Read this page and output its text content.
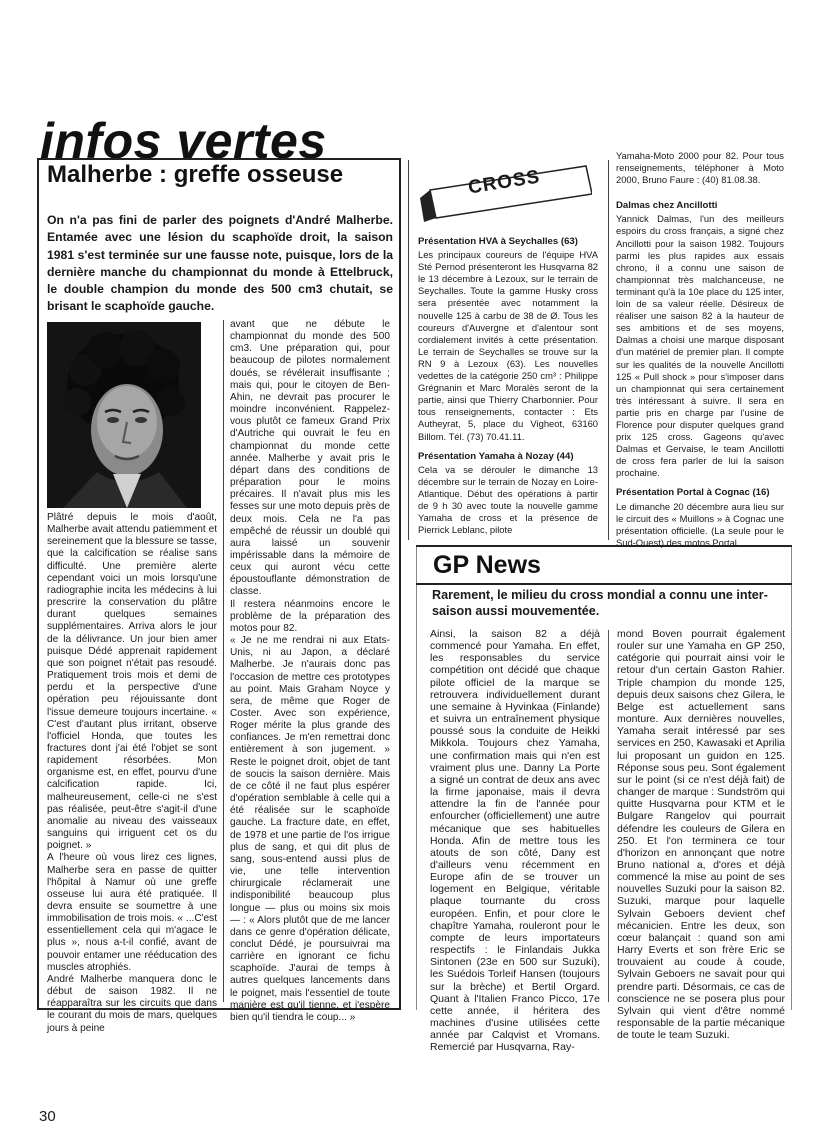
infos vertes
Malherbe : greffe osseuse
On n'a pas fini de parler des poignets d'André Malherbe. Entamée avec une lésion du scaphoïde droit, la saison 1981 s'est terminée sur une fausse note, puisque, lors de la dernière manche du championnat du monde à Ettelbruck, le double champion du monde des 500 cm3 chutait, se brisant le scaphoïde gauche.

Plâtré depuis le mois d'août, Malherbe avait attendu patiemment et sereinement que la blessure se tasse, que la calcification se réalise sans difficulté. Une première alerte cependant voici un mois lorsqu'une radiographie incita les médecins à lui prescrire la conservation du plâtre durant quelques semaines supplémentaires. Arriva alors le jour de la délivrance. Un jour bien amer puisque Dédé apprenait rapidement que son poignet n'était pas resoudé. Pratiquement trois mois et demi de perdu et la perspective d'une opération peu réjouissante dont l'issue demeure toujours incertaine. « C'est d'autant plus irritant, observe l'officiel Honda, que toutes les fractures dont j'ai été l'objet se sont rapidement résorbées. Mon organisme est, en effet, pourvu d'une calcification rapide. Ici, malheureusement, celle-ci ne s'est pas réalisée, peut-être s'agit-il d'une anomalie au niveau des vaisseaux sanguins qui irriguent cet os du poignet. »

A l'heure où vous lirez ces lignes, Malherbe sera en passe de quitter l'hôpital à Namur où une greffe osseuse lui aura été pratiquée. Il devra ensuite se soumettre à une immobilisation de trois mois. « ...C'est essentiellement cela qui m'agace le plus », nous a-t-il confié, avant de pouvoir entamer une rééducation des muscles atrophiés.

André Malherbe manquera donc le début de saison 1982. Il ne réapparaîtra sur les circuits que dans le courant du mois de mars, quelques jours à peine

avant que ne débute le championnat du monde des 500 cm3. Une préparation qui, pour beaucoup de pilotes normalement doués, se révélerait insuffisante ; mais qui, pour le citoyen de Ben-Ahin, ne devrait pas procurer le moindre inconvénient. Rappelez-vous plutôt ce fameux Grand Prix d'Autriche qui ouvrait le feu en championnat du monde cette année. Malherbe y avait pris le départ dans des conditions de préparation pour le moins précaires. Il n'avait plus mis les fesses sur une moto depuis près de deux mois. Cela ne l'a pas empêché de réussir un doublé qui aura laissé un souvenir impérissable dans la mémoire de ceux qui auront vécu cette époustouflante démonstration de classe.

Il restera néanmoins encore le problème de la préparation des motos pour 82.

« Je ne me rendrai ni aux Etats-Unis, ni au Japon, a déclaré Malherbe. Je n'aurais donc pas l'occasion de mettre ces prototypes au point. Mais Graham Noyce y sera, de même que Roger de Coster. Avec son expérience, Roger mérite la plus grande des confiances. Je m'en remettrai donc entièrement à son jugement. » Reste le poignet droit, objet de tant de soucis la saison dernière. Mais de ce côté il ne faut plus espérer d'opération semblable à celle qui a été réalisée sur le scaphoïde gauche. La fracture date, en effet, de 1978 et une partie de l'os irrigue plus de sang, et qui dit plus de sang, sous-entend aussi plus de vie, une telle intervention chirurgicale réclamerait une indisponibilité beaucoup plus longue — plus ou moins six mois — : « Alors plutôt que de me lancer dans ce genre d'opération délicate, conclut Dédé, je poursuivrai ma carrière en ignorant ce fichu scaphoïde. J'aurai de temps à autres quelques lancements dans le poignet, mais l'essentiel de toute manière est qu'il tienne, et j'espère bien qu'il tiendra le coup... »

CROSS
Présentation HVA à Seychalles (63)

Les principaux coureurs de l'équipe HVA Sté Pernod présenteront les Husqvarna 82 le 13 décembre à Lezoux, sur le terrain de Seychalles. Toute la gamme Husky cross sera présentée avec notamment la nouvelle 125 à carbu de 38 de Ø. Tous les coureurs d'Auvergne et d'alentour sont cordialement invités à cette présentation. Le terrain de Seychalles se trouve sur la RN 9 à Lezoux (63). Les nouvelles vedettes de la catégorie 250 cm³ : Philippe Grégnanin et Marc Moralès seront de la partie, ainsi que Thierry Charbonnier. Pour tous renseignements, contacter : Ets Autheyrat, 5, place du Vigheot, 63160 Billom. Tél. (73) 70.41.11.

Présentation Yamaha à Nozay (44)

Cela va se dérouler le dimanche 13 décembre sur le terrain de Nozay en Loire-Atlantique. Début des opérations à partir de 9 h 30 avec toute la nouvelle gamme Yamaha de cross et la présence de Pierrick Leblanc, pilote

Yamaha-Moto 2000 pour 82. Pour tous renseignements, téléphoner à Moto 2000, Bruno Faure : (40) 81.08.38.

Dalmas chez Ancillotti

Yannick Dalmas, l'un des meilleurs espoirs du cross français, a signé chez Ancillotti pour la saison 1982. Toujours parmi les plus rapides aux essais chrono, il a connu une saison de championnat très malchanceuse, ne terminant qu'à la 10e place du 125 inter, loin de sa valeur réelle. Désireux de réaliser une saison 82 à la hauteur de ses ambitions et de ses moyens, Dalmas a choisi une marque disposant d'un matériel de premier plan. Il compte sur les qualités de la nouvelle Ancillotti 125 « Pull shock » pour s'imposer dans un championnat qui sera certainement très intéressant à suivre. Il sera en partie pris en charge par l'usine de Florence pour disputer quelques grand prix 125 cross. Gageons qu'avec Dalmas et Gervaise, le team Ancillotti de cross fera parler de lui la saison prochaine.

Présentation Portal à Cognac (16)

Le dimanche 20 décembre aura lieu sur le circuit des « Muillons » à Cognac une présentation officielle. (La seule pour le Sud-Ouest) des motos Portal.

GP News
Rarement, le milieu du cross mondial a connu une inter-saison aussi mouvementée.
Ainsi, la saison 82 a déjà commencé pour Yamaha. En effet, les responsables du service compétition ont décidé que chaque pilote officiel de la marque se retrouvera individuellement durant une semaine à Hyvinkaa (Finlande) et suivra un entraînement physique poussé sous la conduite de Heikki Mikkola. Toujours chez Yamaha, une confirmation mais qui n'en est vraiment plus une. Danny La Porte a signé un contrat de deux ans avec la firme japonaise, mais il devra attendre la fin de l'année pour enfourcher (officiellement) une autre mécanique que ses habituelles Honda. Afin de mettre tous les atouts de son côté, Dany est d'ailleurs venu récemment en Europe afin de se trouver un logement en Belgique, véritable plaque tournante du cross européen. Enfin, et pour clore le chapître Yamaha, rouleront pour le compte de leurs importateurs respectifs : le Finlandais Jukka Sintonen (23e en 500 sur Suzuki), les Suédois Torleif Hansen (toujours sur la brèche) et Bertil Orgard. Quant à l'Italien Franco Picco, 17e cette année, il héritera des machines d'usine utilisées cette année par Calqvist et Vromans. Remercié par Husqvarna, Ray-
mond Boven pourrait également rouler sur une Yamaha en GP 250, catégorie qui pourrait ainsi voir le retour d'un certain Gaston Rahier. Triple champion du monde 125, depuis deux saisons chez Gilera, le Belge est actuellement sans monture. Aux dernières nouvelles, Yamaha serait intéressé par ses services en 250, Kawasaki et Aprilia lui proposant un guidon en 125. Réponse sous peu. Sont également sur le point (si ce n'est déjà fait) de changer de marque : Sundström qui quitte Husqvarna pour KTM et le Bulgare Rangelov qui pourrait défendre les couleurs de Gilera en 250. Et l'on terminera ce tour d'horizon en annonçant que notre Bruno national a, d'ores et déjà commencé la mise au point de ses nouvelles Suzuki pour la saison 82. Suzuki, marque pour laquelle Sylvain Geboers devient chef mécanicien. Entre les deux, son cœur balançait : quand son ami Harry Everts et son frère Eric se trouvaient au coude à coude, Sylvain Geboers ne savait pour qui prendre parti. Désormais, ce cas de conscience ne se posera plus pour Sylvain qui vient d'être nommé responsable de la partie mécanique de toute le team Suzuki.
30
